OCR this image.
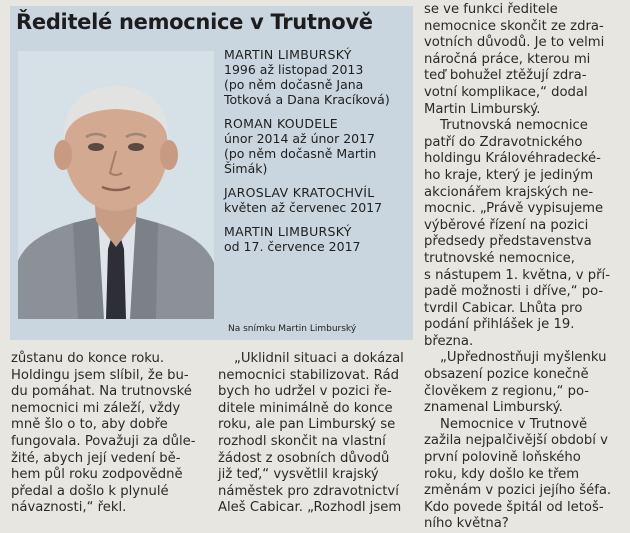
Ředitelé nemocnice v Trutnově
MARTIN LIMBURSKÝ
1996 až listopad 2013
(po něm dočasně Jana
Totková a Dana Kracíková)
ROMAN KOUDELE
únor 2014 až únor 2017
(po něm dočasně Martin
Šimák)
JAROSLAV KRATOCHVÍL
květen až červenec 2017
MARTIN LIMBURSKÝ
od 17. července 2017
Na snímku Martin Limburský
zůstanu do konce roku.
Holdingu jsem slíbil, že bu-
du pomáhat. Na trutnovské
nemocnici mi záleží, vždy
mně šlo o to, aby dobře
fungovala. Považuji za důle-
žité, abych její vedení bě-
hem půl roku zodpovědně
předal a došlo k plynulé
návaznosti,“ řekl.
„Uklidnil situaci a dokázal
nemocnici stabilizovat. Rád
bych ho udržel v pozici ře-
ditele minimálně do konce
roku, ale pan Limburský se
rozhodl skončit na vlastní
žádost z osobních důvodů
již teď,“ vysvětlil krajský
náměstek pro zdravotnictví
Aleš Cabicar. „Rozhodl jsem
se ve funkci ředitele
nemocnice skončit ze zdra-
votních důvodů. Je to velmi
náročná práce, kterou mi
teď bohužel ztěžují zdra-
votní komplikace,“ dodal
Martin Limburský.
Trutnovská nemocnice
patří do Zdravotnického
holdingu Královéhradecké-
ho kraje, který je jediným
akcionářem krajských ne-
mocnic. „Právě vypisujeme
výběrové řízení na pozici
předsedy představenstva
trutnovské nemocnice,
s nástupem 1. května, v pří-
padě možnosti i dříve,“ po-
tvrdil Cabicar. Lhůta pro
podání přihlášek je 19.
března.
„Upřednostňuji myšlenku
obsazení pozice konečně
člověkem z regionu,“ po-
znamenal Limburský.
Nemocnice v Trutnově
zažila nejpalčivější období v
první polovině loňského
roku, kdy došlo ke třem
změnám v pozici jejího šéfa.
Kdo povede špitál od letoš-
ního května?
